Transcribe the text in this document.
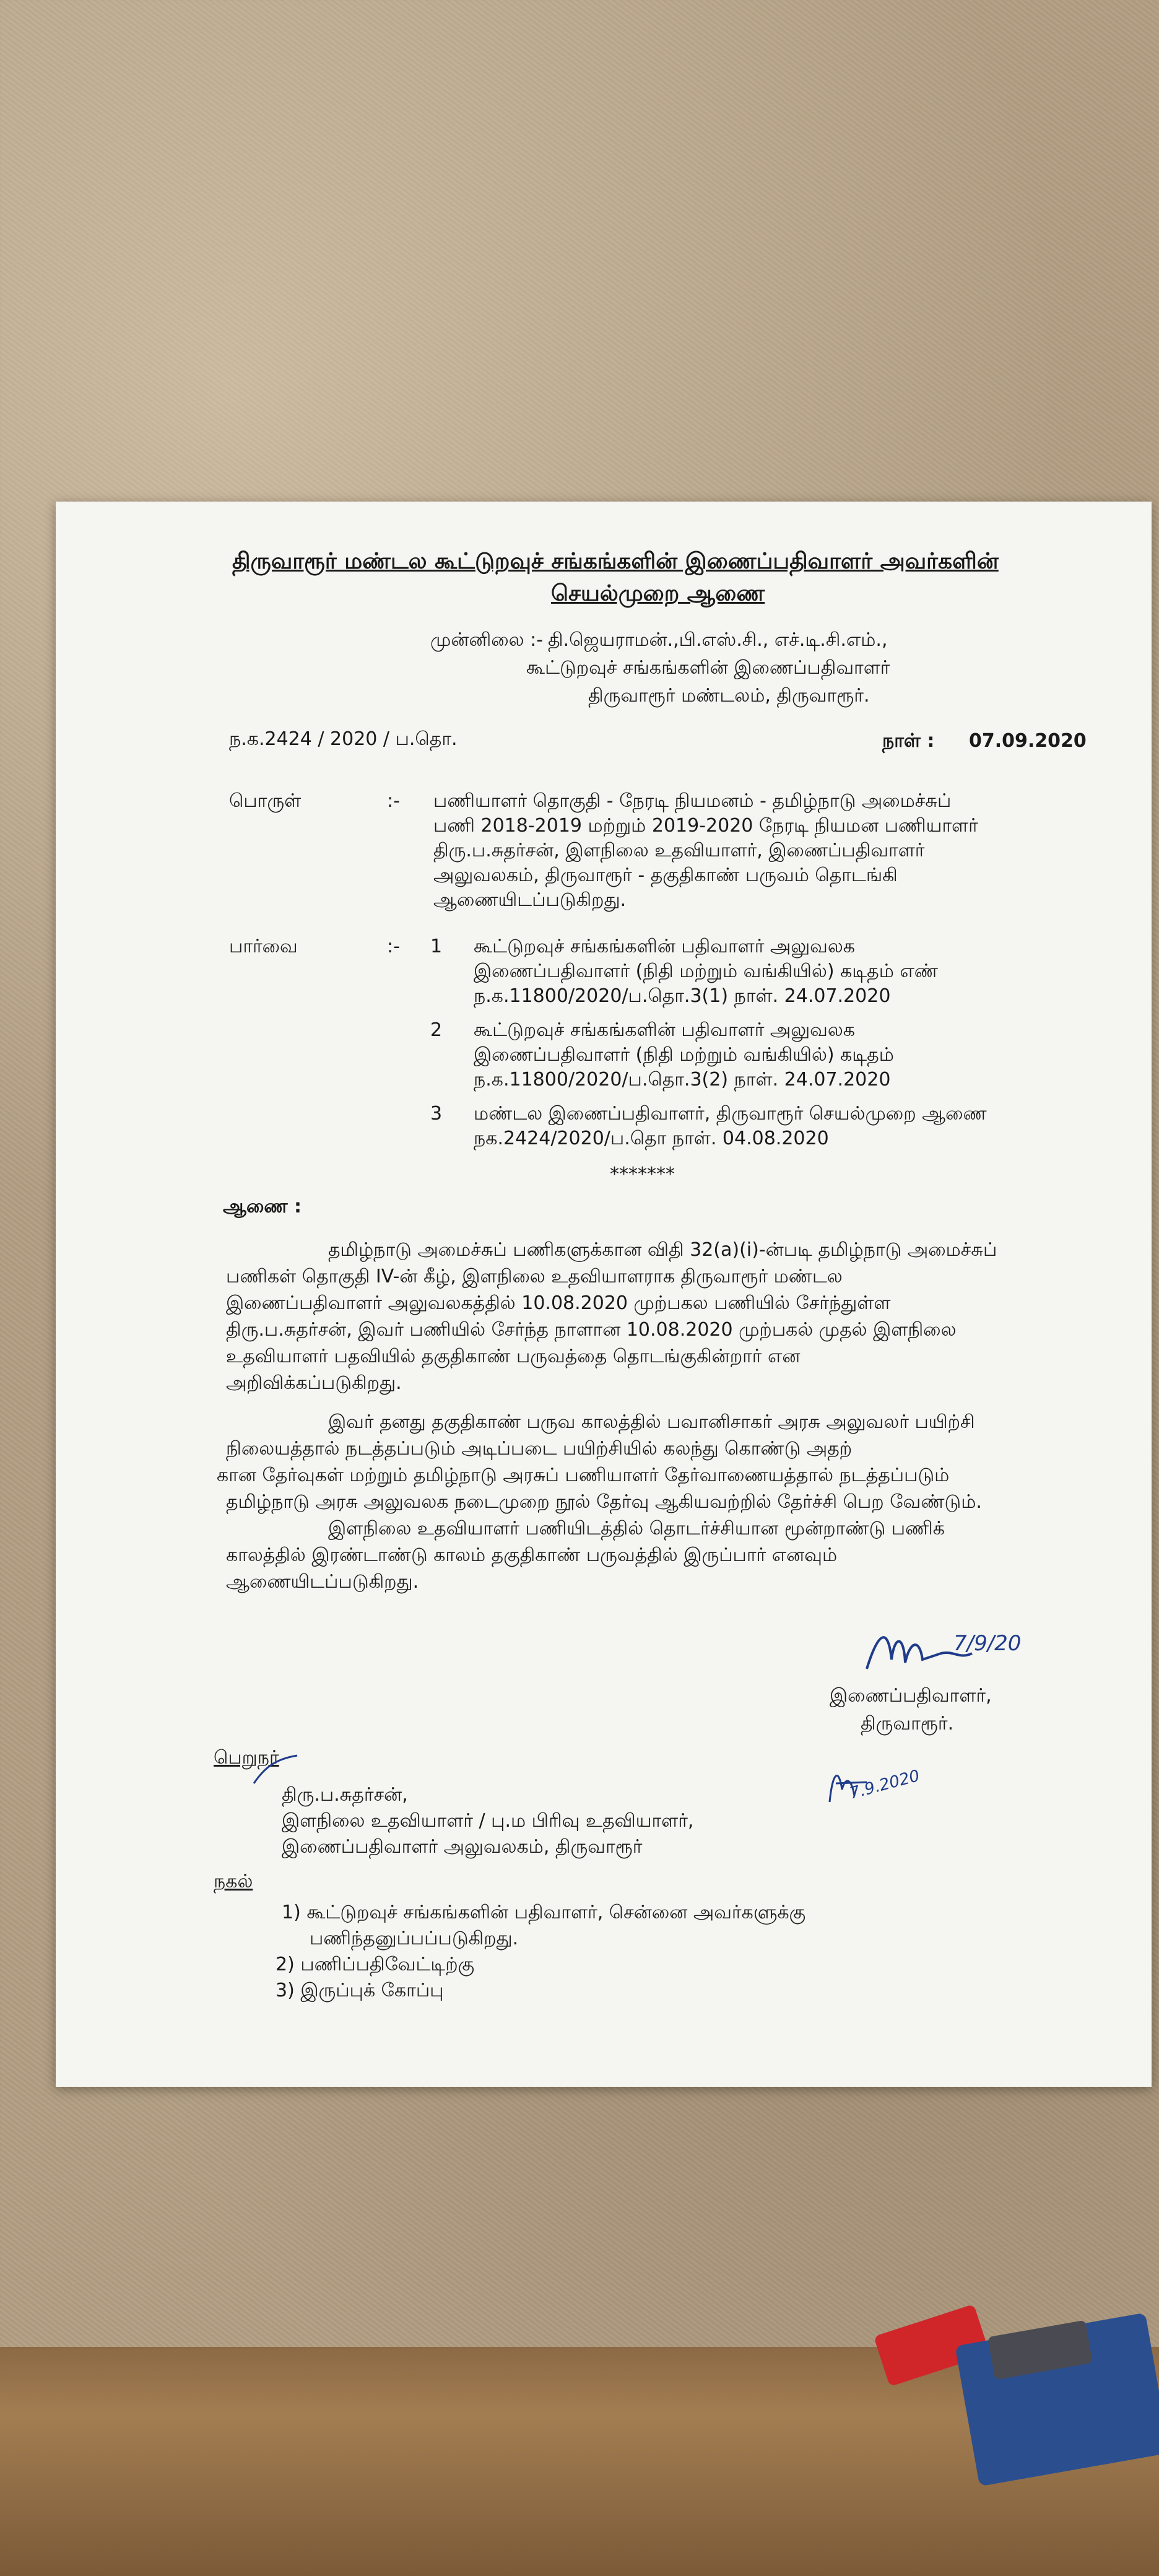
திருவாரூர் மண்டல கூட்டுறவுச் சங்கங்களின் இணைப்பதிவாளர் அவர்களின்
செயல்முறை ஆணை
முன்னிலை :- தி.ஜெயராமன்.,பி.எஸ்.சி., எச்.டி.சி.எம்.,
கூட்டுறவுச் சங்கங்களின் இணைப்பதிவாளர்
திருவாரூர் மண்டலம், திருவாரூர்.
ந.க.2424 / 2020 / ப.தொ.	நாள் : 07.09.2020
பொருள்	:- பணியாளர் தொகுதி - நேரடி நியமனம் - தமிழ்நாடு அமைச்சுப்
பணி 2018-2019 மற்றும் 2019-2020 நேரடி நியமன பணியாளர்
திரு.ப.சுதர்சன், இளநிலை உதவியாளர், இணைப்பதிவாளர்
அலுவலகம், திருவாரூர் - தகுதிகாண் பருவம் தொடங்கி
ஆணையிடப்படுகிறது.
பார்வை	:- 1 கூட்டுறவுச் சங்கங்களின் பதிவாளர் அலுவலக
இணைப்பதிவாளர் (நிதி மற்றும் வங்கியில்) கடிதம் எண்
ந.க.11800/2020/ப.தொ.3(1) நாள். 24.07.2020
2 கூட்டுறவுச் சங்கங்களின் பதிவாளர் அலுவலக
இணைப்பதிவாளர் (நிதி மற்றும் வங்கியில்) கடிதம்
ந.க.11800/2020/ப.தொ.3(2) நாள். 24.07.2020
3 மண்டல இணைப்பதிவாளர், திருவாரூர் செயல்முறை ஆணை
நக.2424/2020/ப.தொ நாள். 04.08.2020
*******
ஆணை :
தமிழ்நாடு அமைச்சுப் பணிகளுக்கான விதி 32(a)(i)-ன்படி தமிழ்நாடு அமைச்சுப்
பணிகள் தொகுதி IV-ன் கீழ், இளநிலை உதவியாளராக திருவாரூர் மண்டல
இணைப்பதிவாளர் அலுவலகத்தில் 10.08.2020 முற்பகல பணியில் சேர்ந்துள்ள
திரு.ப.சுதர்சன், இவர் பணியில் சேர்ந்த நாளான 10.08.2020 முற்பகல் முதல் இளநிலை
உதவியாளர் பதவியில் தகுதிகாண் பருவத்தை தொடங்குகின்றார் என
அறிவிக்கப்படுகிறது.
இவர் தனது தகுதிகாண் பருவ காலத்தில் பவானிசாகர் அரசு அலுவலர் பயிற்சி
நிலையத்தால் நடத்தப்படும் அடிப்படை பயிற்சியில் கலந்து கொண்டு அதற்
கான தேர்வுகள் மற்றும் தமிழ்நாடு அரசுப் பணியாளர் தேர்வாணையத்தால் நடத்தப்படும்
தமிழ்நாடு அரசு அலுவலக நடைமுறை நூல் தேர்வு ஆகியவற்றில் தேர்ச்சி பெற வேண்டும்.
இளநிலை உதவியாளர் பணியிடத்தில் தொடர்ச்சியான மூன்றாண்டு பணிக்
காலத்தில் இரண்டாண்டு காலம் தகுதிகாண் பருவத்தில் இருப்பார் எனவும்
ஆணையிடப்படுகிறது.
7/9/20
இணைப்பதிவாளர்,
திருவாரூர்.
பெறுநர்
7.9.2020
திரு.ப.சுதர்சன்,
இளநிலை உதவியாளர் / பு.ம பிரிவு உதவியாளர்,
இணைப்பதிவாளர் அலுவலகம், திருவாரூர்
நகல்
1) கூட்டுறவுச் சங்கங்களின் பதிவாளர், சென்னை அவர்களுக்கு
பணிந்தனுப்பப்படுகிறது.
2) பணிப்பதிவேட்டிற்கு
3) இருப்புக் கோப்பு
